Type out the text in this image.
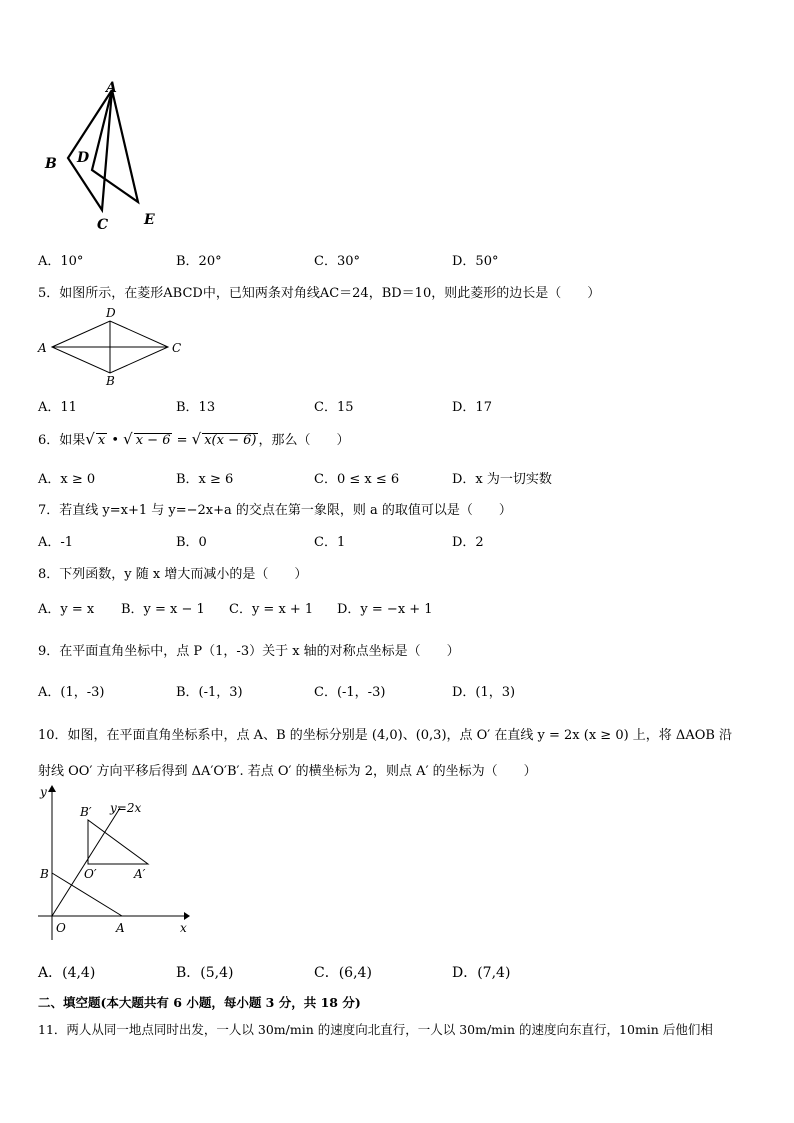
A
B D
C	E
A．10°	B．20°	C．30°	D．50°
5．如图所示，在菱形ABCD中，已知两条对角线AC＝24，BD＝10，则此菱形的边长是（　　）
A
D
C
B
A．11	B．13	C．15	D．17
6．如果√ x • √ x − 6 = √ x(x − 6) ，那么（　　）
A．x ≥ 0	B．x ≥ 6	C．0 ≤ x ≤ 6	D．x 为一切实数
7．若直线 y=x+1 与 y=−2x+a 的交点在第一象限，则 a 的取值可以是（　　）
A．-1	B．0	C．1	D．2
8．下列函数，y 随 x 增大而减小的是（　　）
A．y = x B．y = x − 1 C．y = x + 1 D．y = −x + 1
9．在平面直角坐标中，点 P（1，-3）关于 x 轴的对称点坐标是（　　）
A．(1，-3)	B．(-1，3)	C．(-1，-3)	D．(1，3)
10．如图，在平面直角坐标系中，点 A、B 的坐标分别是 (4,0)、(0,3)，点 O′ 在直线 y = 2x (x ≥ 0) 上，将 ΔAOB 沿
射线 OO′ 方向平移后得到 ΔA′O′B′. 若点 O′ 的横坐标为 2，则点 A′ 的坐标为（　　）
y
y=2x
B′
B	O′	A′
O	A	x
A．(4,4)	B．(5,4)	C．(6,4)	D．(7,4)
二、填空题(本大题共有 6 小题，每小题 3 分，共 18 分)
11．两人从同一地点同时出发，一人以 30m/min 的速度向北直行，一人以 30m/min 的速度向东直行，10min 后他们相
